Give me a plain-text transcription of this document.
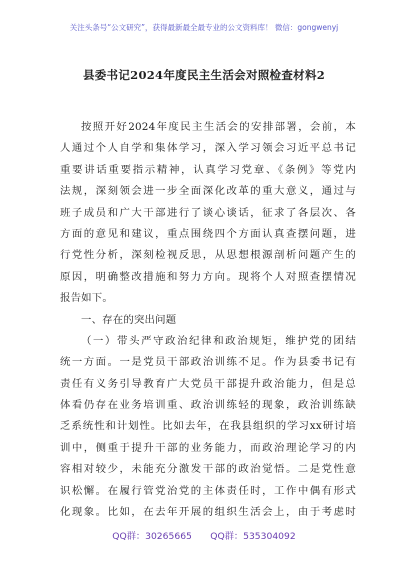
关注头条号“公文研究”，获得最新最全最专业的公文资料库！ 微信：gongwenyj
县委书记2024年度民主生活会对照检查材料2
按照开好2024年度民主生活会的安排部署，会前，本
人通过个人自学和集体学习，深入学习领会习近平总书记
重要讲话重要指示精神，认真学习党章、《条例》等党内
法规，深刻领会进一步全面深化改革的重大意义，通过与
班子成员和广大干部进行了谈心谈话，征求了各层次、各
方面的意见和建议，重点围绕四个方面认真查摆问题，进
行党性分析，深刻检视反思，从思想根源剖析问题产生的
原因，明确整改措施和努力方向。现将个人对照查摆情况
报告如下。
一、存在的突出问题
（一）带头严守政治纪律和政治规矩，维护党的团结
统一方面。一是党员干部政治训练不足。作为县委书记有
责任有义务引导教育广大党员干部提升政治能力，但是总
体看仍存在业务培训重、政治训练轻的现象，政治训练缺
乏系统性和计划性。比如去年，在我县组织的学习xx研讨培
训中，侧重于提升干部的业务能力，而政治理论学习的内
容相对较少，未能充分激发干部的政治觉悟。二是党性意
识松懈。在履行管党治党的主体责任时，工作中偶有形式
化现象。比如，在去年开展的组织生活会上，由于考虑时
QQ群：30265665　　QQ群：535304092
